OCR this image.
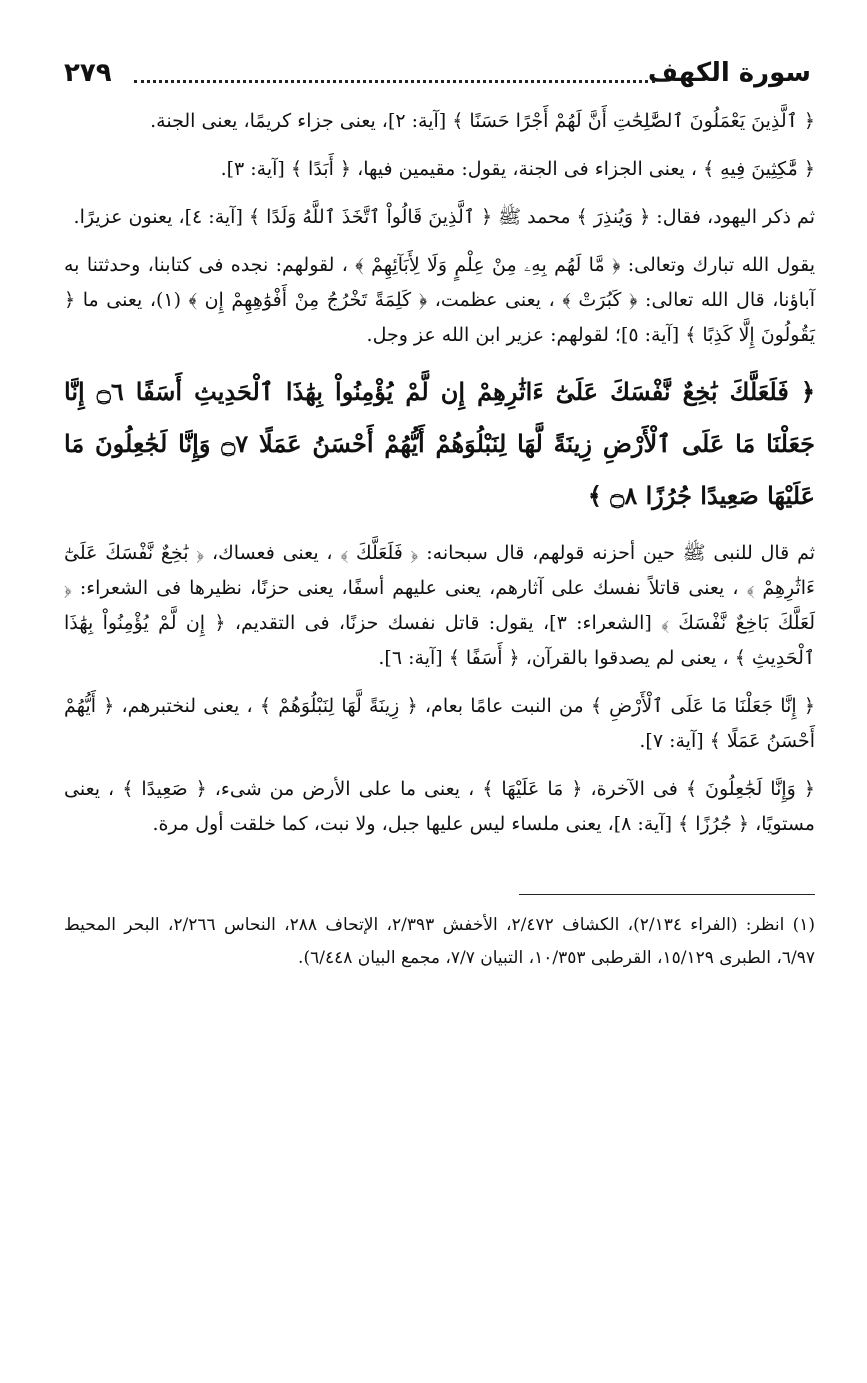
سورة الكهف
٢٧٩

﴿ ٱلَّذِينَ يَعْمَلُونَ ٱلصَّٰلِحَٰتِ أَنَّ لَهُمْ أَجْرًا حَسَنًا ﴾ [آية: ٢]، يعنى جزاء كريمًا، يعنى الجنة.

﴿ مَّٰكِثِينَ فِيهِ ﴾ ، يعنى الجزاء فى الجنة، يقول: مقيمين فيها، ﴿ أَبَدًا ﴾ [آية: ٣].

ثم ذكر اليهود، فقال: ﴿ وَيُنذِرَ ﴾ محمد ﷺ ﴿ ٱلَّذِينَ قَالُواْ ٱتَّخَذَ ٱللَّهُ وَلَدًا ﴾ [آية: ٤]، يعنون عزيرًا.

يقول الله تبارك وتعالى: ﴿ مَّا لَهُم بِهِۦ مِنْ عِلْمٍ وَلَا لِأَبَآئِهِمْ ﴾ ، لقولهم: نجده فى كتابنا، وحدثتنا به آباؤنا، قال الله تعالى: ﴿ كَبُرَتْ ﴾ ، يعنى عظمت، ﴿ كَلِمَةً تَخْرُجُ مِنْ أَفْوَٰهِهِمْ إِن ﴾ (١)، يعنى ما ﴿ يَقُولُونَ إِلَّا كَذِبًا ﴾ [آية: ٥]؛ لقولهم: عزير ابن الله عز وجل.

﴿ فَلَعَلَّكَ بَٰخِعٌ نَّفْسَكَ عَلَىٰٓ ءَاثَٰرِهِمْ إِن لَّمْ يُؤْمِنُواْ بِهَٰذَا ٱلْحَدِيثِ أَسَفًا ۝٦ إِنَّا جَعَلْنَا مَا عَلَى ٱلْأَرْضِ زِينَةً لَّهَا لِنَبْلُوَهُمْ أَيُّهُمْ أَحْسَنُ عَمَلًا ۝٧ وَإِنَّا لَجَٰعِلُونَ مَا عَلَيْهَا صَعِيدًا جُرُزًا ۝٨ ﴾

ثم قال للنبى ﷺ حين أحزنه قولهم، قال سبحانه: ﴿ فَلَعَلَّكَ ﴾ ، يعنى فعساك، ﴿ بَٰخِعٌ نَّفْسَكَ عَلَىٰٓ ءَاثَٰرِهِمْ ﴾ ، يعنى قاتلاً نفسك على آثارهم، يعنى عليهم أسفًا، يعنى حزنًا، نظيرها فى الشعراء: ﴿ لَعَلَّكَ بَاخِعٌ نَّفْسَكَ ﴾ [الشعراء: ٣]، يقول: قاتل نفسك حزنًا، فى التقديم، ﴿ إِن لَّمْ يُؤْمِنُواْ بِهَٰذَا ٱلْحَدِيثِ ﴾ ، يعنى لم يصدقوا بالقرآن، ﴿ أَسَفًا ﴾ [آية: ٦].

﴿ إِنَّا جَعَلْنَا مَا عَلَى ٱلْأَرْضِ ﴾ من النبت عامًا بعام، ﴿ زِينَةً لَّهَا لِنَبْلُوَهُمْ ﴾ ، يعنى لنختبرهم، ﴿ أَيُّهُمْ أَحْسَنُ عَمَلًا ﴾ [آية: ٧].

﴿ وَإِنَّا لَجَٰعِلُونَ ﴾ فى الآخرة، ﴿ مَا عَلَيْهَا ﴾ ، يعنى ما على الأرض من شىء، ﴿ صَعِيدًا ﴾ ، يعنى مستويًا، ﴿ جُرُزًا ﴾ [آية: ٨]، يعنى ملساء ليس عليها جبل، ولا نبت، كما خلقت أول مرة.

(١) انظر: (الفراء ٢/١٣٤)، الكشاف ٢/٤٧٢، الأخفش ٢/٣٩٣، الإتحاف ٢٨٨، النحاس ٢/٢٦٦، البحر المحيط ٦/٩٧، الطبرى ١٥/١٢٩، القرطبى ١٠/٣٥٣، التبيان ٧/٧، مجمع البيان ٦/٤٤٨).
